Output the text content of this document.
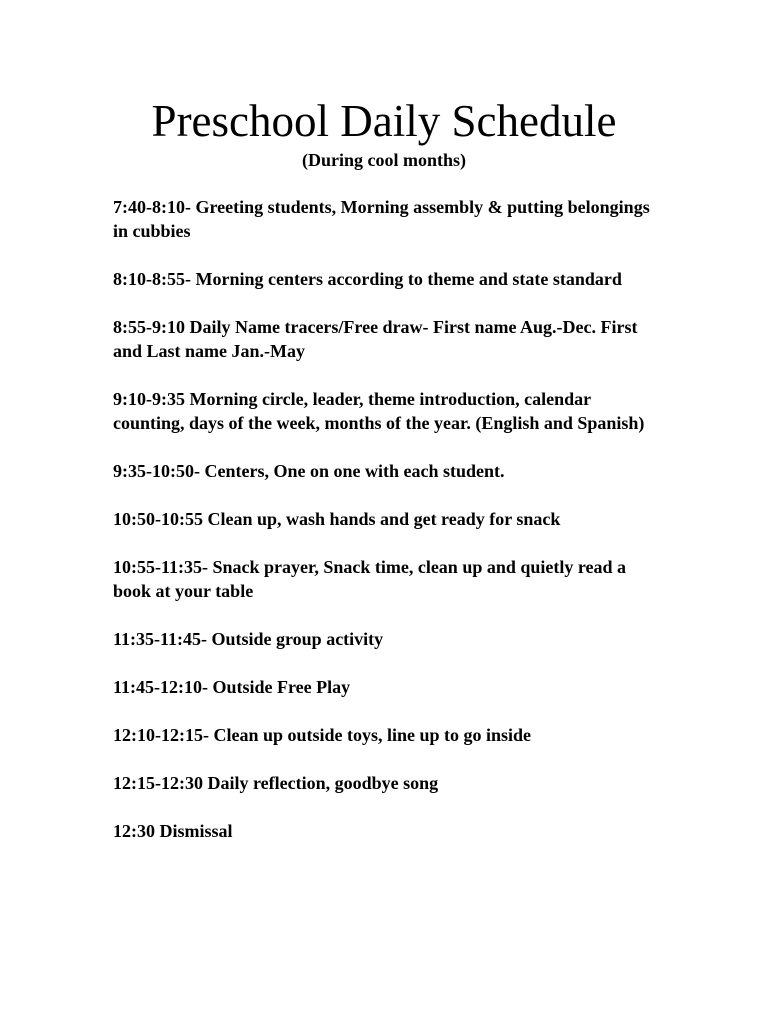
Preschool Daily Schedule
(During cool months)
7:40-8:10- Greeting students, Morning assembly & putting belongings in cubbies
8:10-8:55- Morning centers according to theme and state standard
8:55-9:10 Daily Name tracers/Free draw- First name Aug.-Dec. First and Last name Jan.-May
9:10-9:35 Morning circle, leader, theme introduction, calendar counting, days of the week, months of the year. (English and Spanish)
9:35-10:50- Centers, One on one with each student.
10:50-10:55 Clean up, wash hands and get ready for snack
10:55-11:35- Snack prayer, Snack time, clean up and quietly read a book at your table
11:35-11:45- Outside group activity
11:45-12:10- Outside Free Play
12:10-12:15- Clean up outside toys, line up to go inside
12:15-12:30 Daily reflection, goodbye song
12:30 Dismissal
